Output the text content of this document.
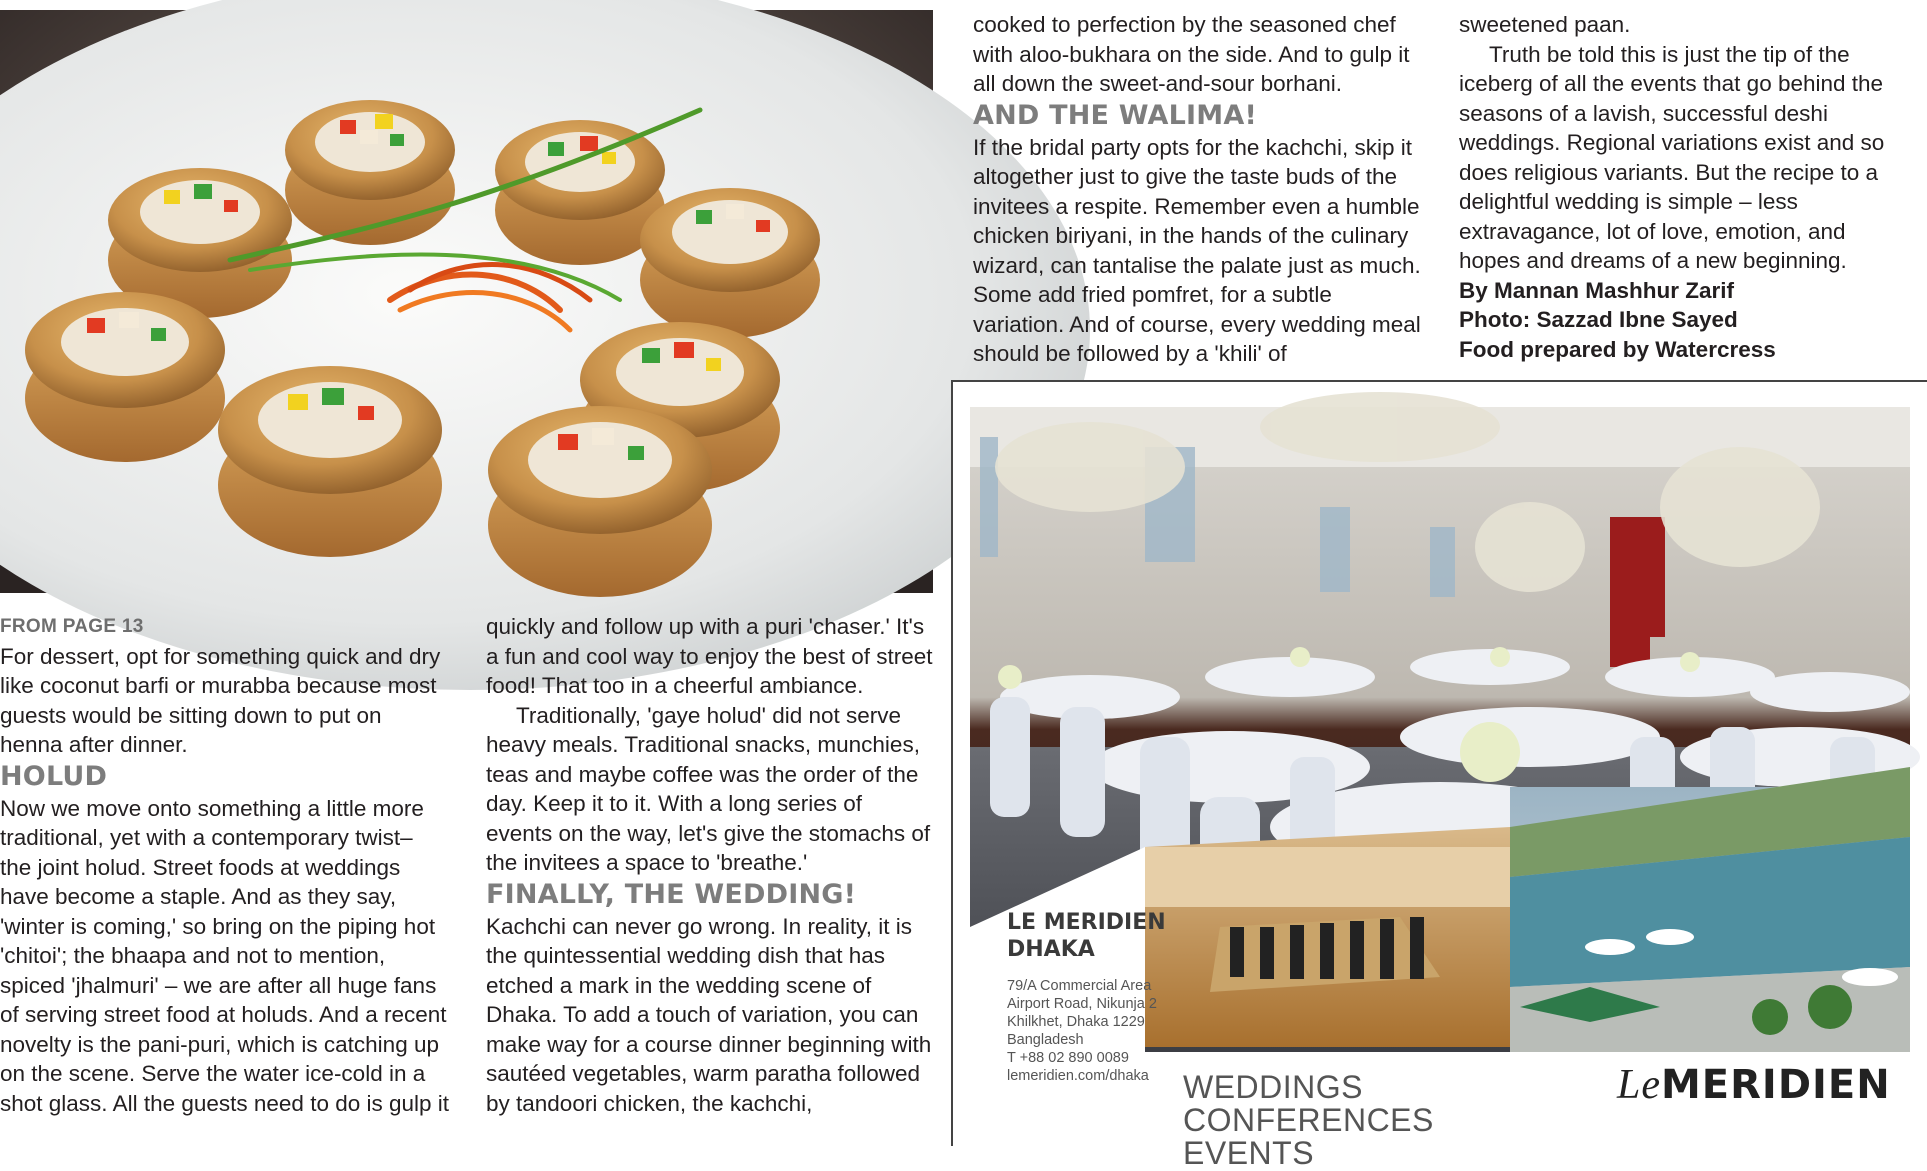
FROM PAGE 13

For dessert, opt for something quick and dry like coconut barfi or murabba because most guests would be sitting down to put on henna after dinner.

HOLUD

Now we move onto something a little more traditional, yet with a contemporary twist– the joint holud. Street foods at weddings have become a staple. And as they say, 'winter is coming,' so bring on the piping hot 'chitoi'; the bhaapa and not to mention, spiced 'jhalmuri' – we are after all huge fans of serving street food at holuds. And a recent novelty is the pani-puri, which is catching up on the scene. Serve the water ice-cold in a shot glass. All the guests need to do is gulp it

quickly and follow up with a puri 'chaser.' It's a fun and cool way to enjoy the best of street food! That too in a cheerful ambiance.

Traditionally, 'gaye holud' did not serve heavy meals. Traditional snacks, munchies, teas and maybe coffee was the order of the day. Keep it to it. With a long series of events on the way, let's give the stomachs of the invitees a space to 'breathe.'

FINALLY, THE WEDDING!

Kachchi can never go wrong. In reality, it is the quintessential wedding dish that has etched a mark in the wedding scene of Dhaka. To add a touch of variation, you can make way for a course dinner beginning with sautéed vegetables, warm paratha followed by tandoori chicken, the kachchi,

cooked to perfection by the seasoned chef with aloo-bukhara on the side. And to gulp it all down the sweet-and-sour borhani.

AND THE WALIMA!

If the bridal party opts for the kachchi, skip it altogether just to give the taste buds of the invitees a respite. Remember even a humble chicken biriyani, in the hands of the culinary wizard, can tantalise the palate just as much. Some add fried pomfret, for a subtle variation. And of course, every wedding meal should be followed by a 'khili' of

sweetened paan.

Truth be told this is just the tip of the iceberg of all the events that go behind the seasons of a lavish, successful deshi weddings. Regional variations exist and so does religious variants. But the recipe to a delightful wedding is simple – less extravagance, lot of love, emotion, and hopes and dreams of a new beginning.

By Mannan Mashhur Zarif

Photo: Sazzad Ibne Sayed

Food prepared by Watercress

LE MERIDIEN
DHAKA
79/A Commercial Area
Airport Road, Nikunja 2
Khilkhet, Dhaka 1229
Bangladesh
T +88 02 890 0089
lemeridien.com/dhaka	WEDDINGS
CONFERENCES
EVENTS
LeMERIDIEN
